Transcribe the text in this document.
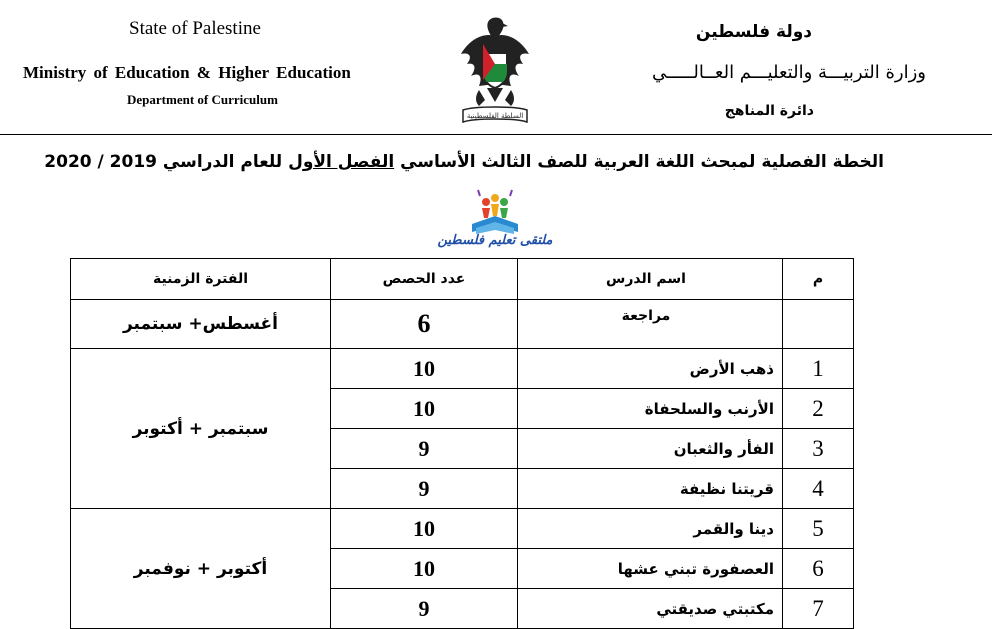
State of Palestine
Ministry of Education & Higher Education
Department of Curriculum
دولة فلسطين
وزارة التربيـــة والتعليـــم العــالـــــي
دائرة المناهج
السلطة الفلسطينية
الخطة الفصلية لمبحث اللغة العربية للصف الثالث الأساسي الفصل الأول للعام الدراسي 2019 / 2020
ملتقى تعليم فلسطين
م	اسم الدرس	عدد الحصص	الفترة الزمنية
	مراجعة	6	أغسطس+ سبتمبر
1	ذهب الأرض	10	سبتمبر + أكتوبر
2	الأرنب والسلحفاة	10	
3	الفأر والثعبان	9	
4	قريتنا نظيفة	9	
5	دينا والقمر	10	أكتوبر + نوفمبر
6	العصفورة تبني عشها	10	
7	مكتبتي صديقتي	9	
